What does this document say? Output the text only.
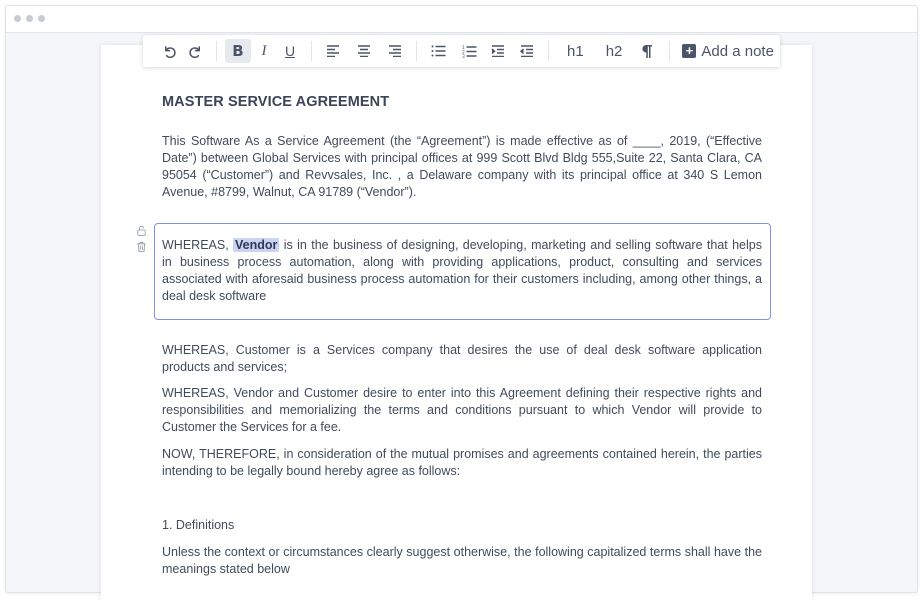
B	I	U	1
2
3	h1	h2	+ Add a note
MASTER SERVICE AGREEMENT
This Software As a Service Agreement (the “Agreement”) is made effective as of ____, 2019, (“Effective Date”) between Global Services with principal offices at 999 Scott Blvd Bldg 555,Suite 22, Santa Clara, CA 95054 (“Customer”) and Revvsales, Inc. , a Delaware company with its principal office at 340 S Lemon Avenue, #8799, Walnut, CA 91789 (“Vendor”).
WHEREAS, Vendor is in the business of designing, developing, marketing and selling software that helps in business process automation, along with providing applications, product, consulting and services associated with aforesaid business process automation for their customers including, among other things, a deal desk software
WHEREAS, Customer is a Services company that desires the use of deal desk software application products and services;
WHEREAS, Vendor and Customer desire to enter into this Agreement defining their respective rights and responsibilities and memorializing the terms and conditions pursuant to which Vendor will provide to Customer the Services for a fee.
NOW, THEREFORE, in consideration of the mutual promises and agreements contained herein, the parties intending to be legally bound hereby agree as follows:
1. Definitions
Unless the context or circumstances clearly suggest otherwise, the following capitalized terms shall have the meanings stated below
